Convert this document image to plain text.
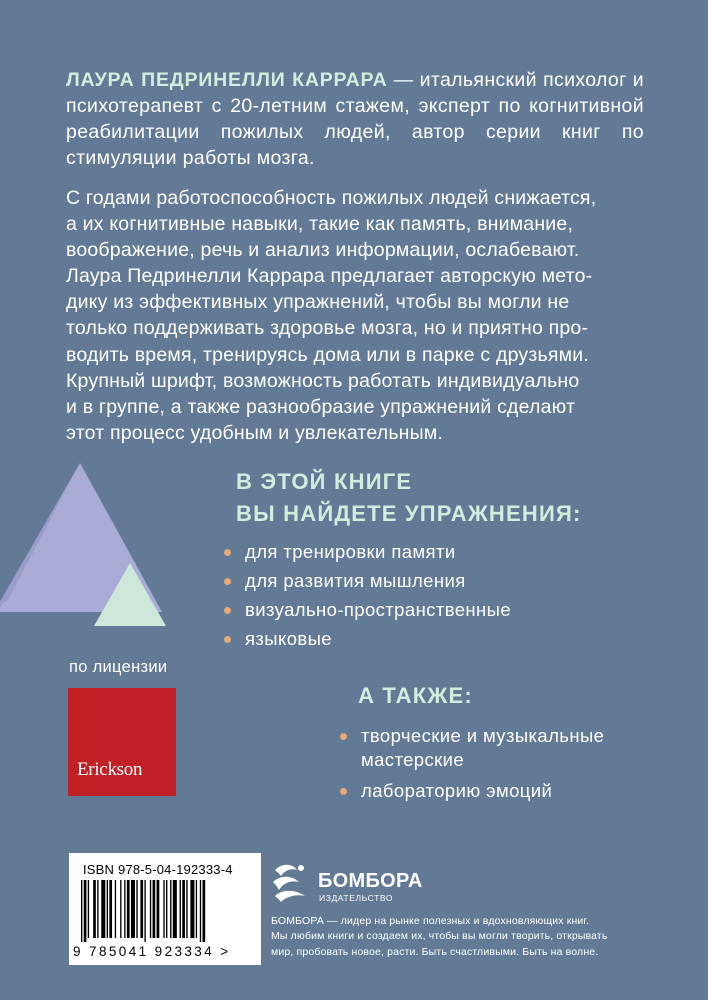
ЛАУРА ПЕДРИНЕЛЛИ КАРРАРА — итальянский психолог и психотерапевт с 20-летним стажем, эксперт по когнитивной реабилитации пожилых людей, автор серии книг по стимуляции работы мозга.

С годами работоспособность пожилых людей снижается,
а их когнитивные навыки, такие как память, внимание,
воображение, речь и анализ информации, ослабевают.
Лаура Педринелли Каррара предлагает авторскую мето-
дику из эффективных упражнений, чтобы вы могли не
только поддерживать здоровье мозга, но и приятно про-
водить время, тренируясь дома или в парке с друзьями.
Крупный шрифт, возможность работать индивидуально
и в группе, а также разнообразие упражнений сделают
этот процесс удобным и увлекательным.
В ЭТОЙ КНИГЕ
ВЫ НАЙДЕТЕ УПРАЖНЕНИЯ:
для тренировки памяти
для развития мышления
визуально-пространственные
языковые
по лицензии
Erickson
А ТАКЖЕ:
творческие и музыкальные
мастерские
лабораторию эмоций
ISBN 978-5-04-192333-4
9 785041 923334 >
БОМБОРА
ИЗДАТЕЛЬСТВО
БОМБОРА — лидер на рынке полезных и вдохновляющих книг.
Мы любим книги и создаем их, чтобы вы могли творить, открывать
мир, пробовать новое, расти. Быть счастливыми. Быть на волне.
